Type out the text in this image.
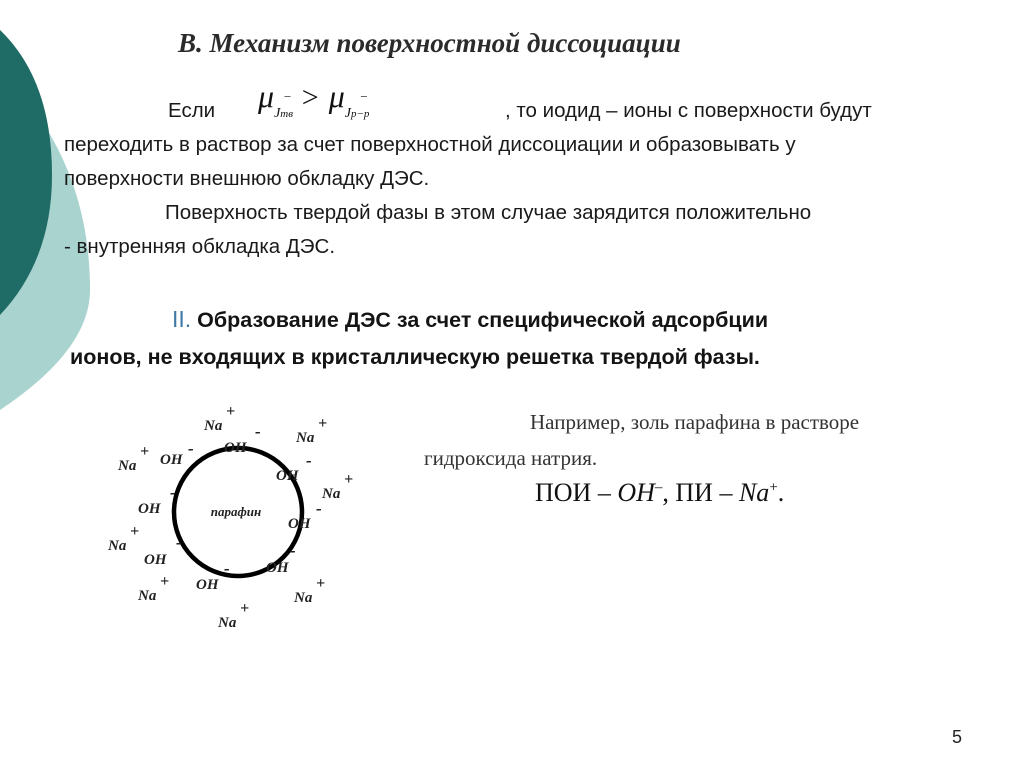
B. Механизм поверхностной диссоциации
Если μJтв− > μJр−р−
, то иодид – ионы с поверхности будут
переходить в раствор за счет поверхностной диссоциации и образовывать у
поверхности внешнюю обкладку ДЭС.
Поверхность твердой фазы в этом случае зарядится положительно
- внутренняя обкладка ДЭС.
II. Образование ДЭС за счет специфической адсорбции
ионов, не входящих в кристаллическую решетка твердой фазы.
парафин
OH
-
OH
-
OH
-
OH
-
OH
-
OH
-
OH
-
OH
-
Na
+
Na
+
Na
+
Na
+
Na
+
Na
+
Na
+
Na
+
Например, золь парафина в растворе
гидроксида натрия.
ПОИ – ОН–, ПИ – Na+.
5
